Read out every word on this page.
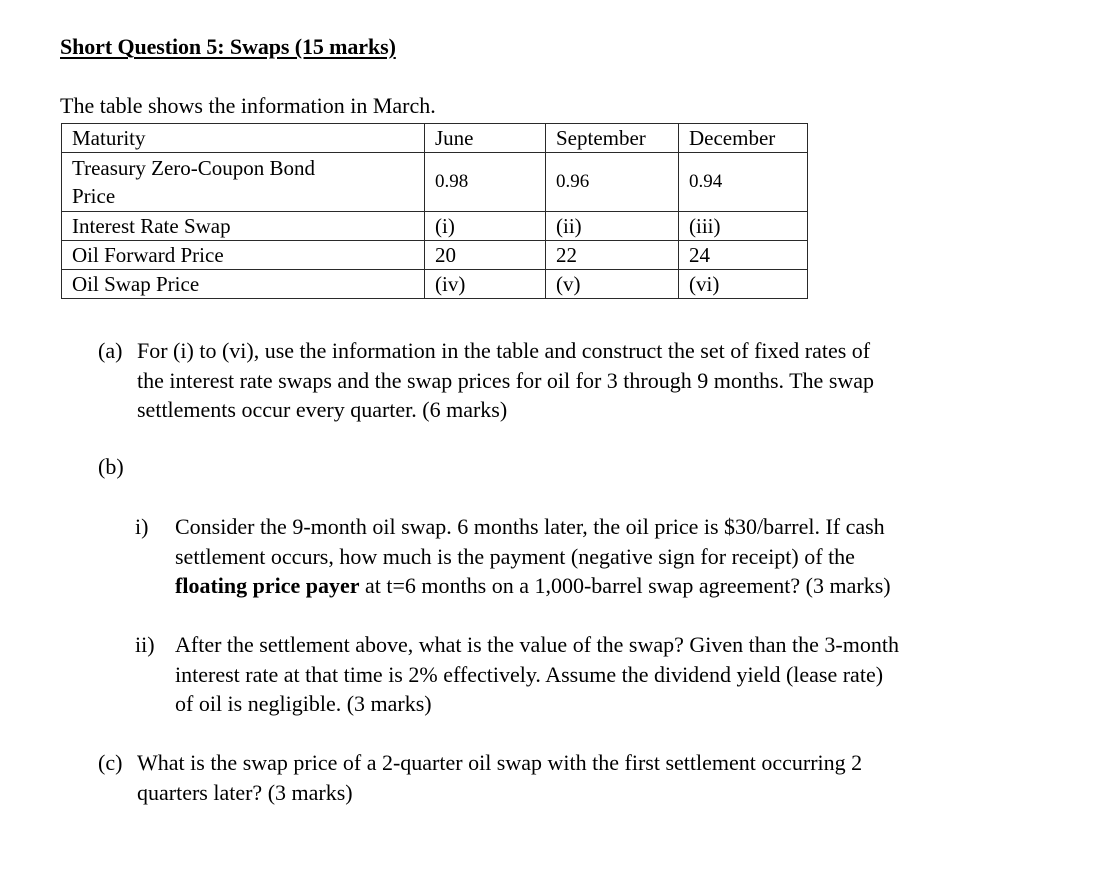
Short Question 5: Swaps (15 marks)
The table shows the information in March.
Maturity	June	September	December
Treasury Zero-Coupon Bond
Price	0.98	0.96	0.94
Interest Rate Swap	(i)	(ii)	(iii)
Oil Forward Price	20	22	24
Oil Swap Price	(iv)	(v)	(vi)
(a) For (i) to (vi), use the information in the table and construct the set of fixed rates of
the interest rate swaps and the swap prices for oil for 3 through 9 months. The swap
settlements occur every quarter. (6 marks)
(b)
i) Consider the 9-month oil swap. 6 months later, the oil price is $30/barrel. If cash
settlement occurs, how much is the payment (negative sign for receipt) of the
floating price payer at t=6 months on a 1,000-barrel swap agreement? (3 marks)
ii) After the settlement above, what is the value of the swap? Given than the 3-month
interest rate at that time is 2% effectively. Assume the dividend yield (lease rate)
of oil is negligible. (3 marks)
(c) What is the swap price of a 2-quarter oil swap with the first settlement occurring 2
quarters later? (3 marks)
